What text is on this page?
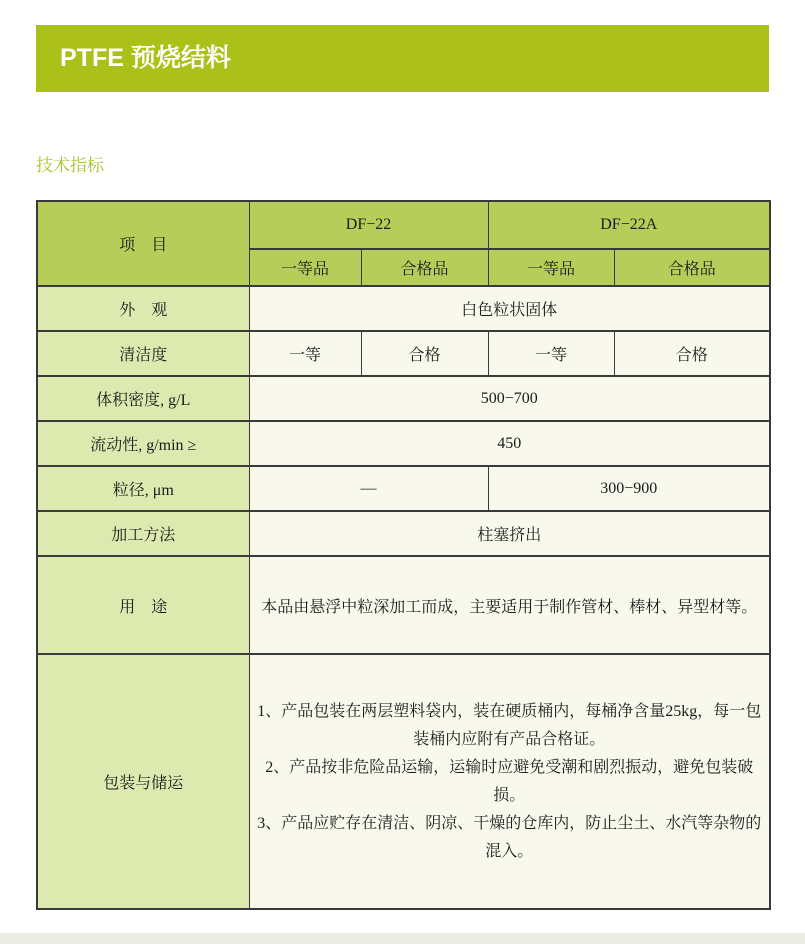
PTFE 预烧结料
技术指标
项　目	DF−22		DF−22A	
	一等品	合格品	一等品	合格品
外　观	白色粒状固体			
清洁度	一等	合格	一等	合格
体积密度, g/L	500−700			
流动性, g/min ≥	450			
粒径, μm	—		300−900	
加工方法	柱塞挤出			
用　途	本品由悬浮中粒深加工而成，主要适用于制作管材、棒材、异型材等。			
包装与储运	1、产品包装在两层塑料袋内，装在硬质桶内，每桶净含量25kg，每一包装桶内应附有产品合格证。
2、产品按非危险品运输，运输时应避免受潮和剧烈振动，避免包装破损。
3、产品应贮存在清洁、阴凉、干燥的仓库内，防止尘土、水汽等杂物的混入。			
